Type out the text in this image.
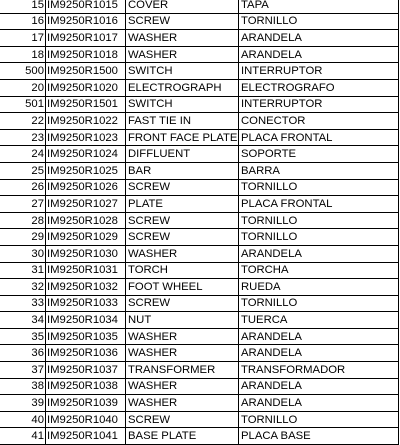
15	IM9250R1015	COVER	TAPA
16	IM9250R1016	SCREW	TORNILLO
17	IM9250R1017	WASHER	ARANDELA
18	IM9250R1018	WASHER	ARANDELA
500	IM9250R1500	SWITCH	INTERRUPTOR
20	IM9250R1020	ELECTROGRAPH	ELECTROGRAFO
501	IM9250R1501	SWITCH	INTERRUPTOR
22	IM9250R1022	FAST TIE IN	CONECTOR
23	IM9250R1023	FRONT FACE PLATE	PLACA FRONTAL
24	IM9250R1024	DIFFLUENT	SOPORTE
25	IM9250R1025	BAR	BARRA
26	IM9250R1026	SCREW	TORNILLO
27	IM9250R1027	PLATE	PLACA FRONTAL
28	IM9250R1028	SCREW	TORNILLO
29	IM9250R1029	SCREW	TORNILLO
30	IM9250R1030	WASHER	ARANDELA
31	IM9250R1031	TORCH	TORCHA
32	IM9250R1032	FOOT WHEEL	RUEDA
33	IM9250R1033	SCREW	TORNILLO
34	IM9250R1034	NUT	TUERCA
35	IM9250R1035	WASHER	ARANDELA
36	IM9250R1036	WASHER	ARANDELA
37	IM9250R1037	TRANSFORMER	TRANSFORMADOR
38	IM9250R1038	WASHER	ARANDELA
39	IM9250R1039	WASHER	ARANDELA
40	IM9250R1040	SCREW	TORNILLO
41	IM9250R1041	BASE PLATE	PLACA BASE
